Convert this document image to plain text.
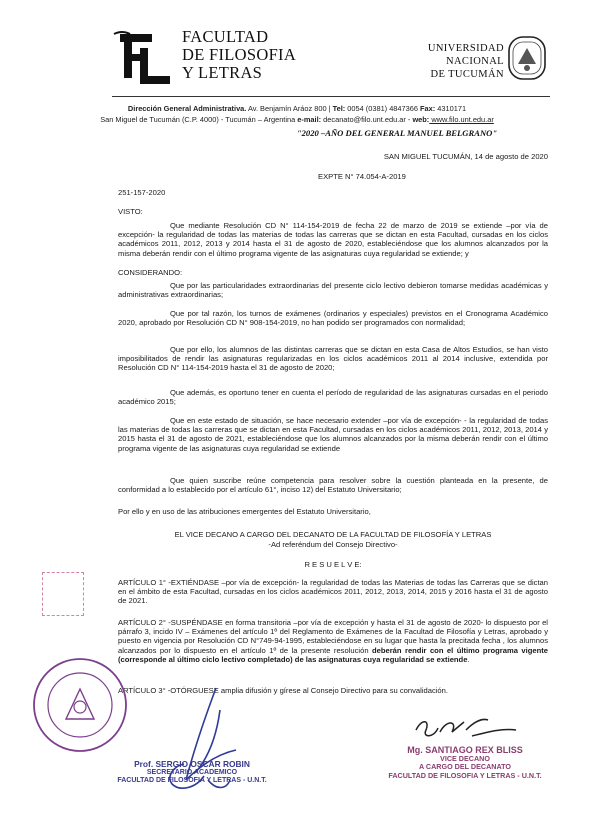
FACULTAD
DE FILOSOFIA
Y LETRAS
UNIVERSIDAD
NACIONAL
DE TUCUMÁN
Dirección General Administrativa. Av. Benjamín Aráoz 800 | Tel: 0054 (0381) 4847366 Fax: 4310171
San Miguel de Tucumán (C.P. 4000) - Tucumán – Argentina e-mail: decanato@filo.unt.edu.ar - web: www.filo.unt.edu.ar
"2020 –AÑO DEL GENERAL MANUEL BELGRANO"
SAN MIGUEL TUCUMÁN, 14 de agosto de 2020
EXPTE N° 74.054-A-2019
251-157-2020
VISTO:

Que mediante Resolución CD N° 114-154-2019 de fecha 22 de marzo de 2019 se extiende –por vía de excepción- la regularidad de todas las materias de todas las carreras que se dictan en esta Facultad, cursadas en los ciclos académicos 2011, 2012, 2013 y 2014 hasta el 31 de agosto de 2020, estableciéndose que los alumnos alcanzados por la misma deberán rendir con el último programa vigente de las asignaturas cuya regularidad se extiende; y

CONSIDERANDO:

Que por las particularidades extraordinarias del presente ciclo lectivo debieron tomarse medidas académicas y administrativas extraordinarias;

Que por tal razón, los turnos de exámenes (ordinarios y especiales) previstos en el Cronograma Académico 2020, aprobado por Resolución CD N° 908-154-2019, no han podido ser programados con normalidad;

Que por ello, los alumnos de las distintas carreras que se dictan en esta Casa de Altos Estudios, se han visto imposibilitados de rendir las asignaturas regularizadas en los ciclos académicos 2011 al 2014 inclusive, extendida por Resolución CD N° 114-154-2019 hasta el 31 de agosto de 2020;

Que además, es oportuno tener en cuenta el período de regularidad de las asignaturas cursadas en el periodo académico 2015;

Que en este estado de situación, se hace necesario extender –por vía de excepción- - la regularidad de todas las materias de todas las carreras que se dictan en esta Facultad, cursadas en los ciclos académicos 2011, 2012, 2013, 2014 y 2015 hasta el 31 de agosto de 2021, estableciéndose que los alumnos alcanzados por la misma deberán rendir con el último programa vigente de las asignaturas cuya regularidad se extiende

Que quien suscribe reúne competencia para resolver sobre la cuestión planteada en la presente, de conformidad a lo establecido por el artículo 61°, inciso 12) del Estatuto Universitario;

Por ello y en uso de las atribuciones emergentes del Estatuto Universitario,
EL VICE DECANO A CARGO DEL DECANATO DE LA FACULTAD DE FILOSOFÍA Y LETRAS
-Ad referéndum del Consejo Directivo-
R E S U E L V E:

ARTÍCULO 1° -EXTIÉNDASE –por vía de excepción- la regularidad de todas las Materias de todas las Carreras que se dictan en el ámbito de esta Facultad, cursadas en los ciclos académicos 2011, 2012, 2013, 2014, 2015 y 2016 hasta el 31 de agosto de 2021.

ARTÍCULO 2° -SUSPÉNDASE en forma transitoria –por vía de excepción y hasta el 31 de agosto de 2020- lo dispuesto por el párrafo 3, incido IV – Exámenes del artículo 1º del Reglamento de Exámenes de la Facultad de Filosofía y Letras, aprobado y puesto en vigencia por Resolución CD N°749-94-1995, estableciéndose en su lugar que hasta la precitada fecha , los alumnos alcanzados por lo dispuesto en el artículo 1º de la presente resolución deberán rendir con el último programa vigente (corresponde al último ciclo lectivo completado) de las asignaturas cuya regularidad se extiende.

ARTÍCULO 3° -OTÓRGUESE amplia difusión y gírese al Consejo Directivo para su convalidación.

Prof. SERGIO OSCAR ROBIN
SECRETARIO ACADEMICO
FACULTAD DE FILOSOFIA Y LETRAS - U.N.T.
Mg. SANTIAGO REX BLISS
VICE DECANO
A CARGO DEL DECANATO
FACULTAD DE FILOSOFIA Y LETRAS - U.N.T.
